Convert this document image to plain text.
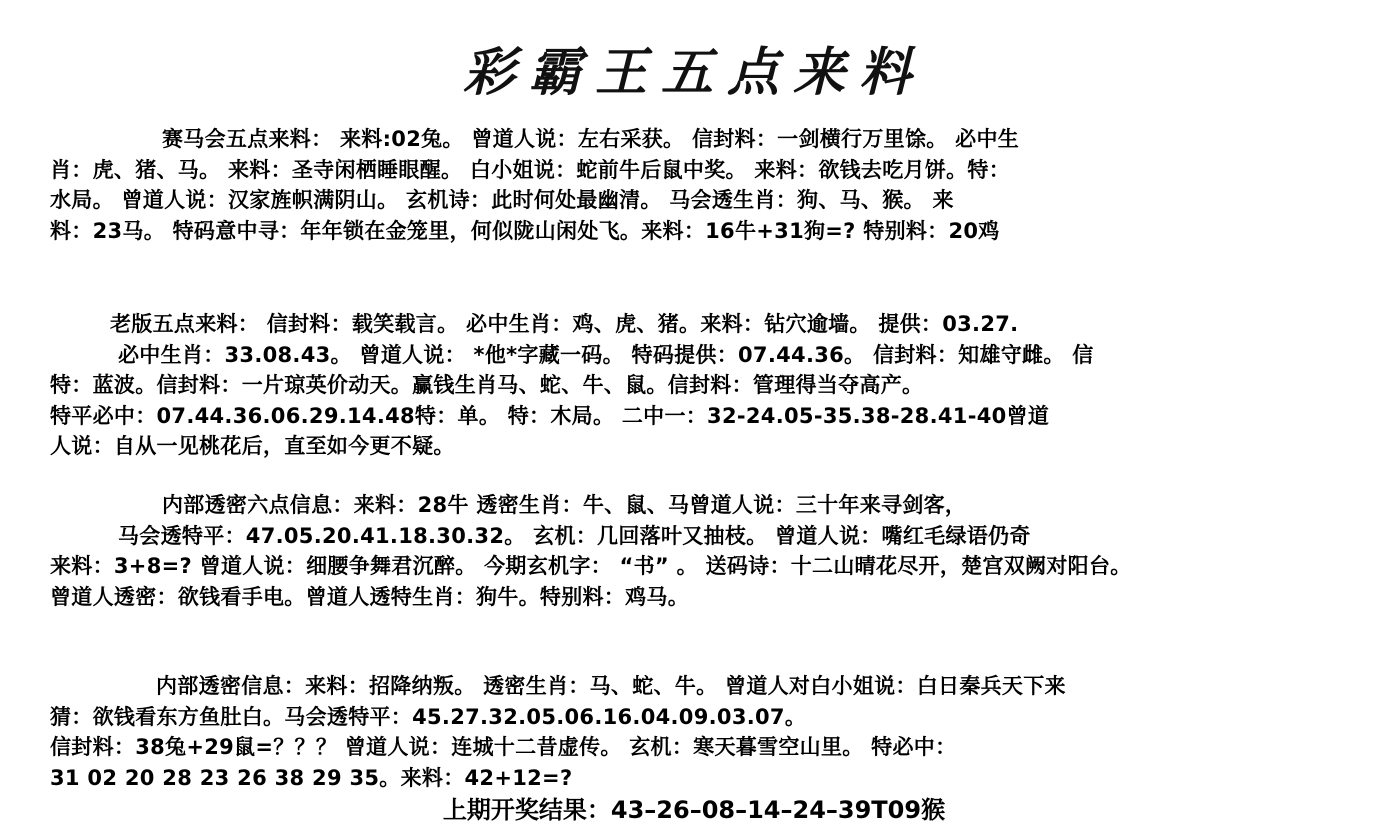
彩霸王五点来料
赛马会五点来料： 来料:02兔。 曾道人说：左右采获。 信封料：一剑横行万里馀。 必中生
肖：虎、猪、马。 来料：圣寺闲栖睡眼醒。 白小姐说：蛇前牛后鼠中奖。 来料：欲钱去吃月饼。特：
水局。 曾道人说：汉家旌帜满阴山。 玄机诗：此时何处最幽清。 马会透生肖：狗、马、猴。 来
料：23马。 特码意中寻：年年锁在金笼里，何似陇山闲处飞。来料：16牛+31狗=? 特别料：20鸡
老版五点来料： 信封料：载笑载言。 必中生肖：鸡、虎、猪。来料：钻穴逾墙。 提供：03.27.
必中生肖：33.08.43。 曾道人说： *他*字藏一码。 特码提供：07.44.36。 信封料：知雄守雌。 信
特：蓝波。信封料：一片琼英价动天。赢钱生肖马、蛇、牛、鼠。信封料：管理得当夺高产。
特平必中：07.44.36.06.29.14.48特：单。 特：木局。 二中一：32-24.05-35.38-28.41-40曾道
人说：自从一见桃花后，直至如今更不疑。
内部透密六点信息：来料：28牛 透密生肖：牛、鼠、马曾道人说：三十年来寻剑客，
马会透特平：47.05.20.41.18.30.32。 玄机：几回落叶又抽枝。 曾道人说：嘴红毛绿语仍奇
来料：3+8=? 曾道人说：细腰争舞君沉醉。 今期玄机字： “书” 。 送码诗：十二山晴花尽开，楚宫双阙对阳台。
曾道人透密：欲钱看手电。曾道人透特生肖：狗牛。特别料：鸡马。
内部透密信息：来料：招降纳叛。 透密生肖：马、蛇、牛。 曾道人对白小姐说：白日秦兵天下来
猜：欲钱看东方鱼肚白。马会透特平：45.27.32.05.06.16.04.09.03.07。
信封料：38兔+29鼠=？？？ 曾道人说：连城十二昔虚传。 玄机：寒天暮雪空山里。 特必中：
31 02 20 28 23 26 38 29 35。来料：42+12=?
上期开奖结果：43–26–08–14–24–39T09猴
